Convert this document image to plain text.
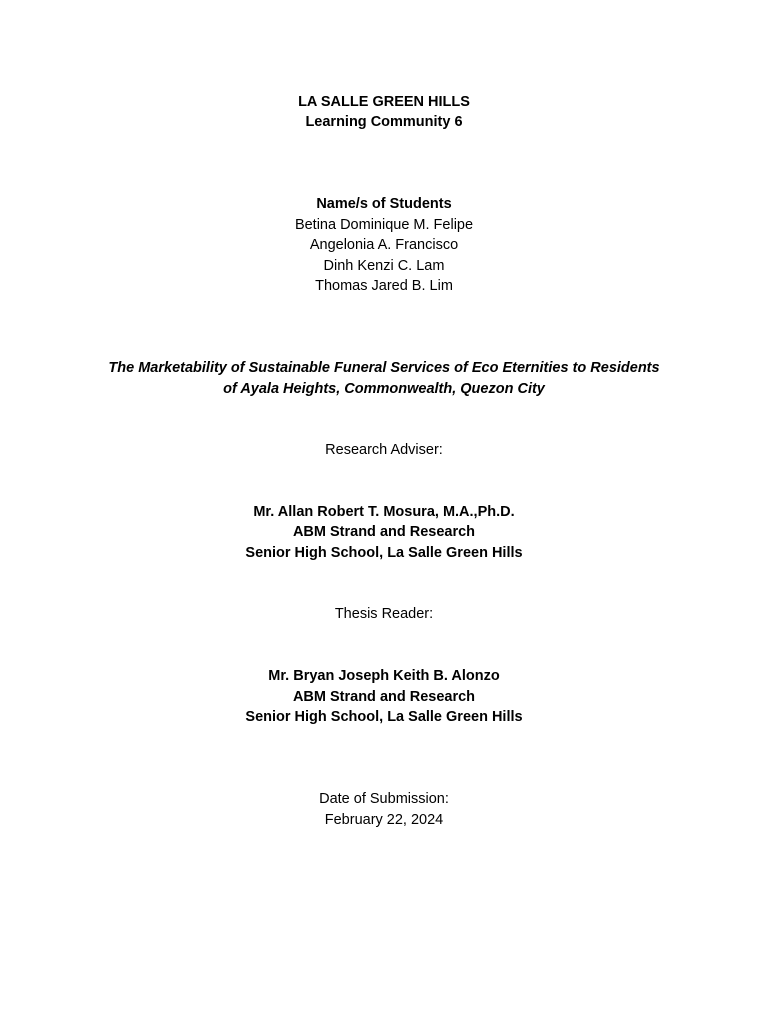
LA SALLE GREEN HILLS
Learning Community 6
Name/s of Students
Betina Dominique M. Felipe
Angelonia A. Francisco
Dinh Kenzi C. Lam
Thomas Jared B. Lim
The Marketability of Sustainable Funeral Services of Eco Eternities to Residents
of Ayala Heights, Commonwealth, Quezon City
Research Adviser:
Mr. Allan Robert T. Mosura, M.A.,Ph.D.
ABM Strand and Research
Senior High School, La Salle Green Hills
Thesis Reader:
Mr. Bryan Joseph Keith B. Alonzo
ABM Strand and Research
Senior High School, La Salle Green Hills
Date of Submission:
February 22, 2024
